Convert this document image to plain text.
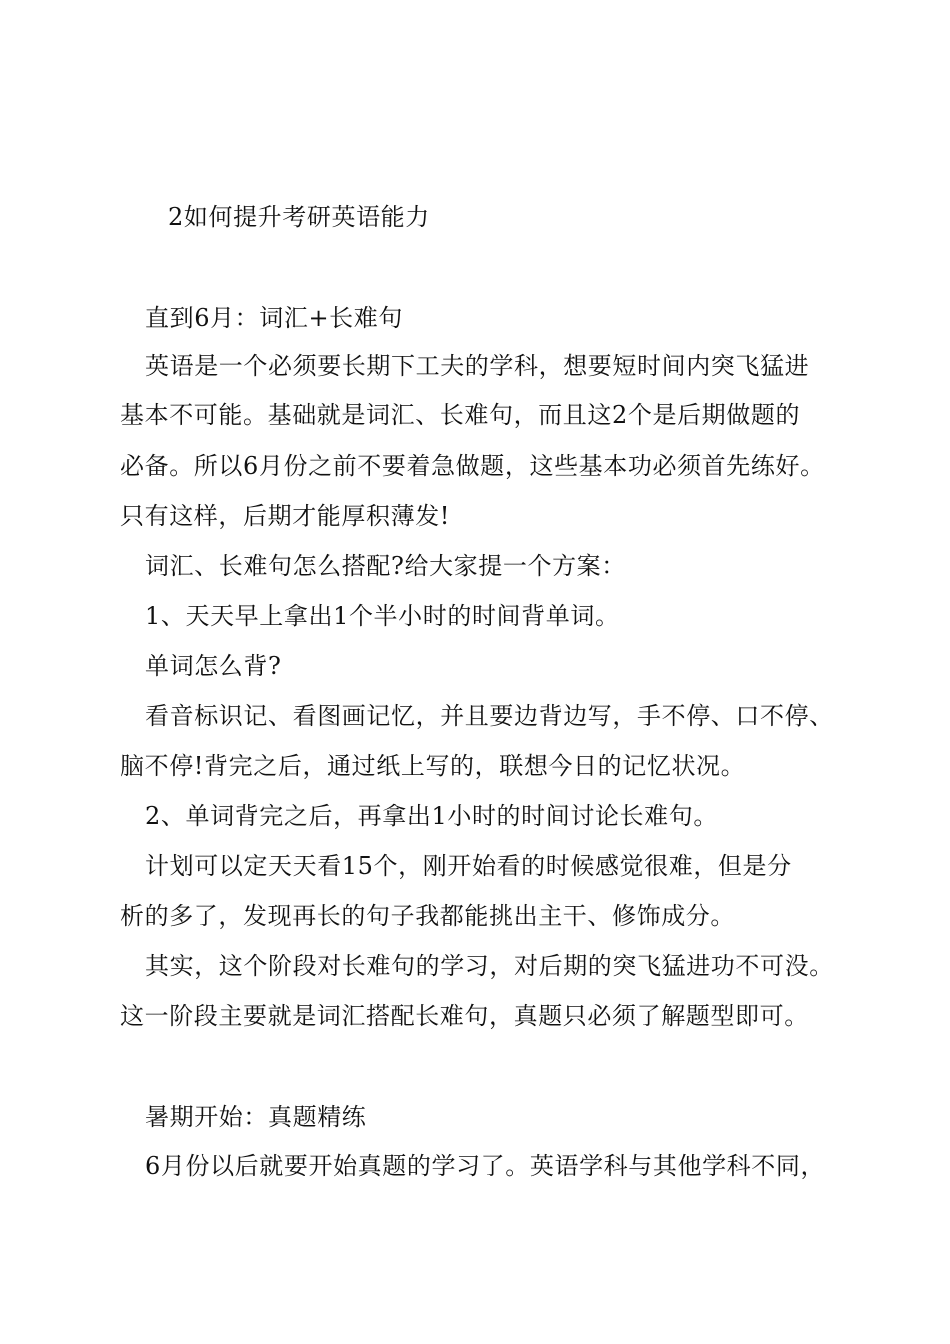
2如何提升考研英语能力
直到6月：词汇+长难句
英语是一个必须要长期下工夫的学科，想要短时间内突飞猛进
基本不可能。基础就是词汇、长难句，而且这2个是后期做题的
必备。所以6月份之前不要着急做题，这些基本功必须首先练好。
只有这样，后期才能厚积薄发!
词汇、长难句怎么搭配?给大家提一个方案：
1、天天早上拿出1个半小时的时间背单词。
单词怎么背?
看音标识记、看图画记忆，并且要边背边写，手不停、口不停、
脑不停!背完之后，通过纸上写的，联想今日的记忆状况。
2、单词背完之后，再拿出1小时的时间讨论长难句。
计划可以定天天看15个，刚开始看的时候感觉很难，但是分
析的多了，发现再长的句子我都能挑出主干、修饰成分。
其实，这个阶段对长难句的学习，对后期的突飞猛进功不可没。
这一阶段主要就是词汇搭配长难句，真题只必须了解题型即可。
暑期开始：真题精练
6月份以后就要开始真题的学习了。英语学科与其他学科不同，
